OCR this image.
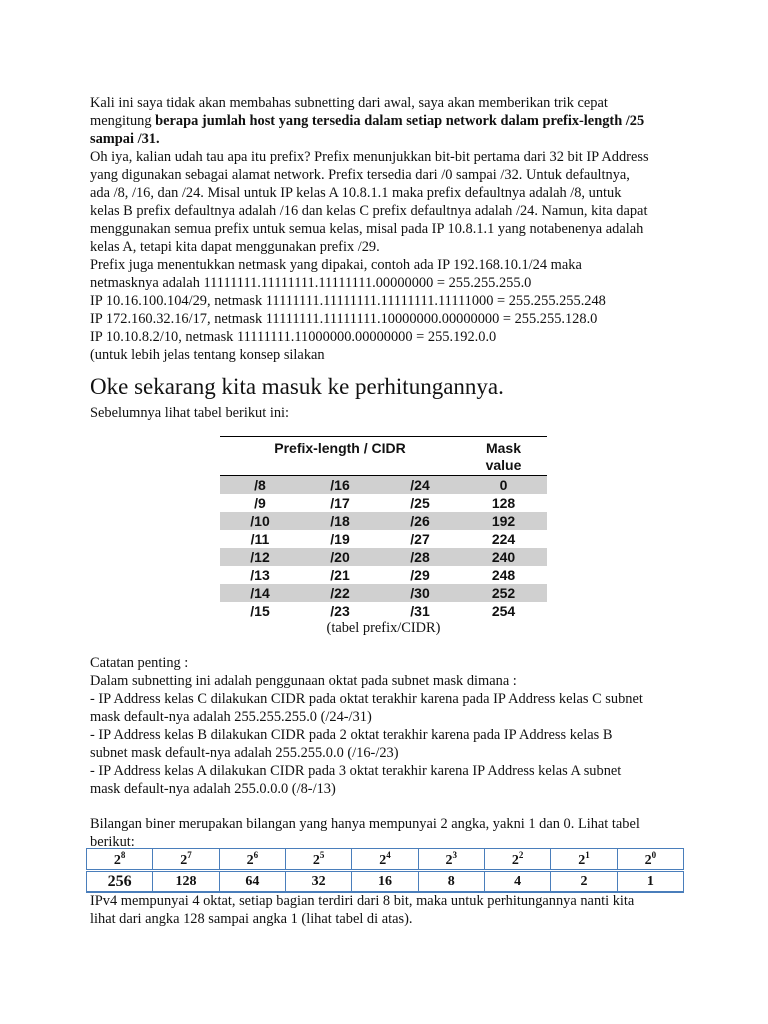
Kali ini saya tidak akan membahas subnetting dari awal, saya akan memberikan trik cepat
mengitung berapa jumlah host yang tersedia dalam setiap network dalam prefix-length /25
sampai /31.

Oh iya, kalian udah tau apa itu prefix? Prefix menunjukkan bit-bit pertama dari 32 bit IP Address
yang digunakan sebagai alamat network. Prefix tersedia dari /0 sampai /32. Untuk defaultnya,
ada /8, /16, dan /24. Misal untuk IP kelas A 10.8.1.1 maka prefix defaultnya adalah /8, untuk
kelas B prefix defaultnya adalah /16 dan kelas C prefix defaultnya adalah /24. Namun, kita dapat
menggunakan semua prefix untuk semua kelas, misal pada IP 10.8.1.1 yang notabenenya adalah
kelas A, tetapi kita dapat menggunakan prefix /29.
Prefix juga menentukkan netmask yang dipakai, contoh ada IP 192.168.10.1/24 maka
netmasknya adalah 11111111.11111111.11111111.00000000 = 255.255.255.0
IP 10.16.100.104/29, netmask 11111111.11111111.11111111.11111000 = 255.255.255.248
IP 172.160.32.16/17, netmask 11111111.11111111.10000000.00000000 = 255.255.128.0
IP 10.10.8.2/10, netmask 11111111.11000000.00000000 = 255.192.0.0
(untuk lebih jelas tentang konsep silakan

Oke sekarang kita masuk ke perhitungannya.

Sebelumnya lihat tabel berikut ini:

Prefix-length / CIDR	Mask
value
/8	/16	/24	0
/9	/17	/25	128
/10	/18	/26	192
/11	/19	/27	224
/12	/20	/28	240
/13	/21	/29	248
/14	/22	/30	252
/15	/23	/31	254
(tabel prefix/CIDR)

Catatan penting :
Dalam subnetting ini adalah penggunaan oktat pada subnet mask dimana :
- IP Address kelas C dilakukan CIDR pada oktat terakhir karena pada IP Address kelas C subnet
mask default-nya adalah 255.255.255.0 (/24-/31)
- IP Address kelas B dilakukan CIDR pada 2 oktat terakhir karena pada IP Address kelas B
subnet mask default-nya adalah 255.255.0.0 (/16-/23)
- IP Address kelas A dilakukan CIDR pada 3 oktat terakhir karena IP Address kelas A subnet
mask default-nya adalah 255.0.0.0 (/8-/13)

Bilangan biner merupakan bilangan yang hanya mempunyai 2 angka, yakni 1 dan 0. Lihat tabel
berikut:

$2^8$	$2^7$	$2^6$	$2^5$	$2^4$	$2^3$	$2^2$	$2^1$	$2^0$
256	128	64	32	16	8	4	2	1

IPv4 mempunyai 4 oktat, setiap bagian terdiri dari 8 bit, maka untuk perhitungannya nanti kita
lihat dari angka 128 sampai angka 1 (lihat tabel di atas).
